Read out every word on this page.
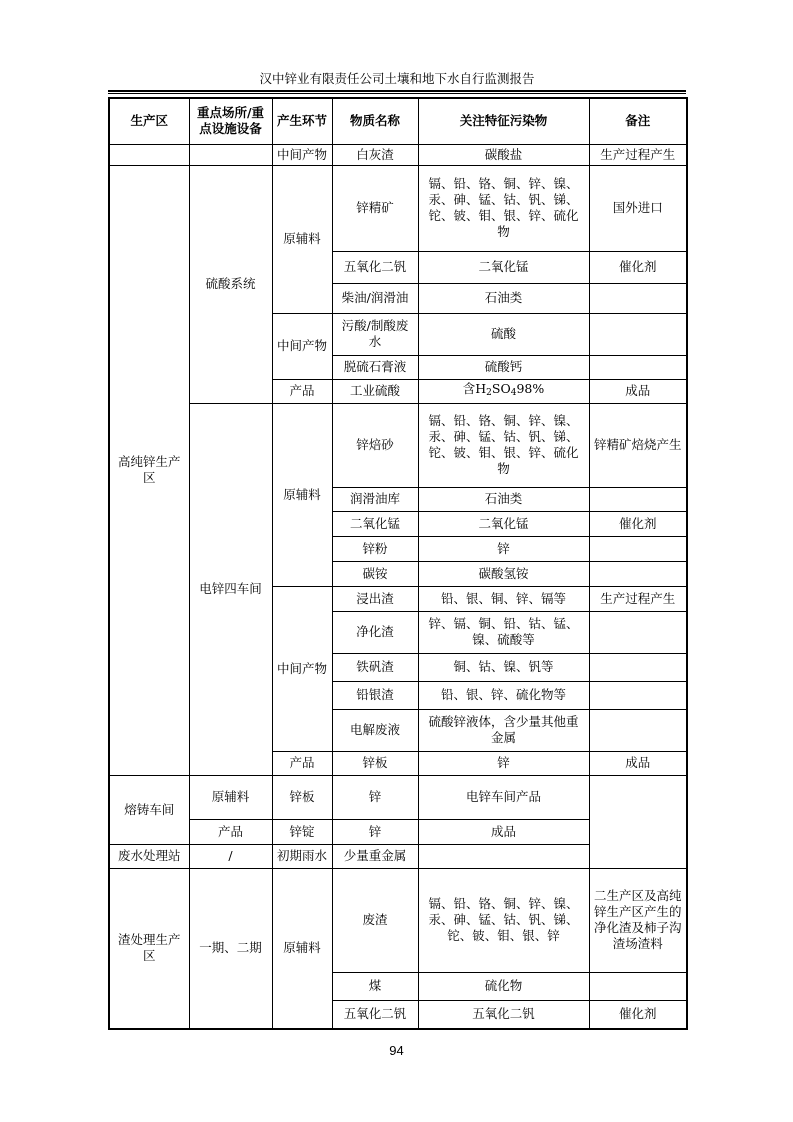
汉中锌业有限责任公司土壤和地下水自行监测报告
生产区	重点场所/重点设施设备	产生环节	物质名称	关注特征污染物	备注
		中间产物	白灰渣	碳酸盐	生产过程产生
高纯锌生产区	硫酸系统	原辅料	锌精矿	镉、铅、铬、铜、锌、镍、汞、砷、锰、钴、钒、锑、铊、铍、钼、银、锌、硫化物	国外进口
			五氧化二钒	二氧化锰	催化剂
			柴油/润滑油	石油类	
		中间产物	污酸/制酸废水	硫酸	
			脱硫石膏液	硫酸钙	
		产品	工业硫酸	含$H_2SO_498\%$	成品
	电锌四车间	原辅料	锌焙砂	镉、铅、铬、铜、锌、镍、汞、砷、锰、钴、钒、锑、铊、铍、钼、银、锌、硫化物	锌精矿焙烧产生
			润滑油库	石油类	
			二氧化锰	二氧化锰	催化剂
			锌粉	锌	
			碳铵	碳酸氢铵	
		中间产物	浸出渣	铅、银、铜、锌、镉等	生产过程产生
			净化渣	锌、镉、铜、铅、钴、锰、镍、硫酸等	
			铁矾渣	铜、钴、镍、钒等	
			铅银渣	铅、银、锌、硫化物等	
			电解废液	硫酸锌液体，含少量其他重金属	
		产品	锌板	锌	成品
熔铸车间	原辅料	锌板	锌	电锌车间产品	
	产品	锌锭	锌	成品	
废水处理站	/	初期雨水	少量重金属		
渣处理生产区	一期、二期	原辅料	废渣	镉、铅、铬、铜、锌、镍、汞、砷、锰、钴、钒、锑、铊、铍、钼、银、锌	二生产区及高纯锌生产区产生的净化渣及柿子沟渣场渣料
			煤	硫化物	
			五氧化二钒	五氧化二钒	催化剂
94
